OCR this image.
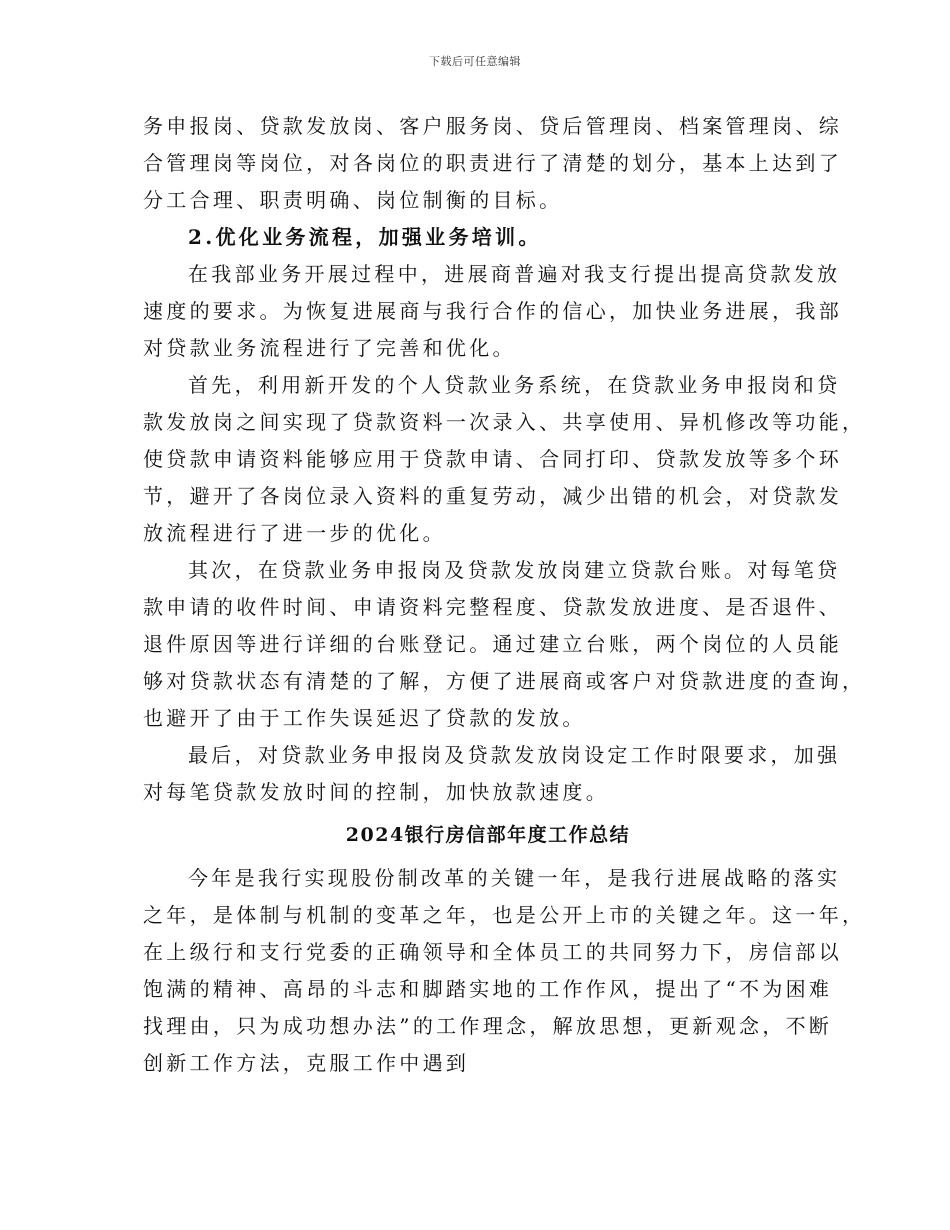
下载后可任意编辑
务申报岗、贷款发放岗、客户服务岗、贷后管理岗、档案管理岗、综
合管理岗等岗位，对各岗位的职责进行了清楚的划分，基本上达到了
分工合理、职责明确、岗位制衡的目标。
2.优化业务流程，加强业务培训。
在我部业务开展过程中，进展商普遍对我支行提出提高贷款发放
速度的要求。为恢复进展商与我行合作的信心，加快业务进展，我部
对贷款业务流程进行了完善和优化。
首先，利用新开发的个人贷款业务系统，在贷款业务申报岗和贷
款发放岗之间实现了贷款资料一次录入、共享使用、异机修改等功能，
使贷款申请资料能够应用于贷款申请、合同打印、贷款发放等多个环
节，避开了各岗位录入资料的重复劳动，减少出错的机会，对贷款发
放流程进行了进一步的优化。
其次，在贷款业务申报岗及贷款发放岗建立贷款台账。对每笔贷
款申请的收件时间、申请资料完整程度、贷款发放进度、是否退件、
退件原因等进行详细的台账登记。通过建立台账，两个岗位的人员能
够对贷款状态有清楚的了解，方便了进展商或客户对贷款进度的查询，
也避开了由于工作失误延迟了贷款的发放。
最后，对贷款业务申报岗及贷款发放岗设定工作时限要求，加强
对每笔贷款发放时间的控制，加快放款速度。
2024银行房信部年度工作总结
今年是我行实现股份制改革的关键一年，是我行进展战略的落实
之年，是体制与机制的变革之年，也是公开上市的关键之年。这一年，
在上级行和支行党委的正确领导和全体员工的共同努力下，房信部以
饱满的精神、高昂的斗志和脚踏实地的工作作风，提出了“不为困难
找理由，只为成功想办法”的工作理念，解放思想，更新观念，不断
创新工作方法，克服工作中遇到
